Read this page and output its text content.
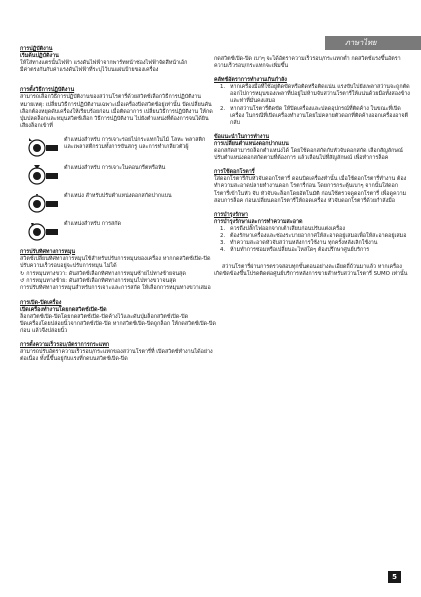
ภาษาไทย
การปฏิบัติงาน
เริ่มต้นปฏิบัติงาน

ให้ใส่ทางแตรนั้นไฟฟ้า แรงดันไฟฟ้าจากพาร์ทหน้าช่องไฟฟ้าจัดสีหน้าเอ้ก
มีค่าตรงกันกับค่าแรงดันไฟฟ้าที่ระบุไว้บนแผ่นป้ายของเครื่อง

การตั้งวิธีการปฏิบัติงาน

สามารถเลือกวิธีการปฏิบัติงานของสว่านโรตารี่ด้วยสวิตช์เลือกวิธีการปฏิบัติงาน หมายเหตุ: เปลี่ยนวิธีการปฏิบัติงานเฉพาะเมื่อเครื่องปิดสวิตช์อยู่เท่านั้น ปัดเปลี่ยนคันเลือกต้องหยุดดับเครื่องให้เรียบร้อยก่อน เมื่อติดอาการ เปลี่ยนวิธีการปฏิบัติงาน ให้กดปุ่มปลดล็อกและหมุนสวิตช์เลือก วิธีการปฏิบัติงาน ไปยังตำแหน่งที่ต้องการจนได้ยินเสียงล็อกเข้าที่

ตำแหน่งสำหรับ การเจาะรอยไปกระแทกในไม้ โลหะ พลาสติก และเพลาสตีกรวมทั้งการขันสกรู และการทำเกลียวตัวผู้
ตำแหน่งสำหรับ การเจาะในคอนกรีตหรือหิน
ตำแหน่ง สำหรับปรับตำแหน่งดอกสกัดปากแบน
ตำแหน่งสำหรับ การสกัด
การปรับทิศทางการหมุน

สวิตช์เปลี่ยนทิศทางการหมุนใช้สำหรับปรับการหมุนของเครื่อง หากกดสวิตช์เปิด-ปิด ปรับความเร็วรอบอยู่จะปรับการหมุน ไม่ได้

↻ การหมุนทางขวา: ดันสวิตช์เลือกทิศทางการหมุนซ้ายไปทางซ้ายจนสุด
↺ การหมุนทางซ้าย: ดันสวิตช์เลือกทิศทางการหมุนไปทางขวาจนสุด

การปรับทิศทางการหมุนสำหรับการเจาะและการสกัด ให้เลือกการหมุนทางขวาเสมอ

การเปิด-ปิดเครื่อง
เปิดเครื่องทำงานโดยกดสวิตช์เปิด-ปิด

ล็อกสวิตช์เปิด-ปิดโดยกดสวิตช์เปิด-ปิดค้างไว้และดันปุ่มล็อกสวิตช์เปิด-ปิด

ปิดเครื่องโดยปล่อยนิ้วจากสวิตช์เปิด-ปิด หากสวิตช์เปิด-ปิดถูกล็อก ให้กดสวิตช์เปิด-ปิดก่อน แล้วจึงปล่อยนิ้ว

การตั้งความเร็วรอบ/อัตราการกระแทก

สามารถปรับอัตราความเร็วรอบ/กระแทกของสว่านโรตารี่ที่ เปิดสวิตช์ทำงานได้อย่างต่อเนื่อง ทั้งนี้ขึ้นอยู่กับแรงที่กดบนสวิตช์เปิด-ปิด

กดสวิตช์เปิด-ปิด เบาๆ จะได้อัตราความเร็วรอบ/กระแทกต่ำ กดสวิตช์แรงขึ้นอัตราความเร็วรอบ/กระแทกจะเพิ่มขึ้น

คลัทช์อัตราการทำงานเกินกำลัง
1. หากเครื่องมือที่ใช้อยู่ติดขัดหรือติดหรือติดแน่น แรงขับไปยังเพลาสว่านจะถูกตัดออกไปการหมุนของเพลาที่ปอยู่ไม่ห้ามจับสว่านโรตารี่ให้แน่นด้วยมือทั้งสองข้างและท่าที่มั่นคงเสมอ
2. หากสว่านโรตารี่ติดขัด ให้ปิดเครื่องและปลดอุปกรณ์ที่ติดค้าง ในขณะที่เปิดเครื่อง ในกรณีที่เปิดเครื่องทำงานโดยไม่คลายตัวดอกที่ติดค้างออกเครื่องอาจตีกลับ
ข้อแนะนำในการทำงาน
การเปลี่ยนตำแหน่งดอกปากแบน

ดอกสกัดสามารถล็อกตำแหน่งได้ โดยใช้ดอกสกัดกับหัวจับดอกสกัด เลือกสัญลักษณ์ ปรับตำแหน่งดอกสกัดตามที่ต้องการ แล้วเลือนไปที่สัญลักษณ์ เพื่อทำการล็อค

การใช้ดอกโรตารี่

ใส่ดอกโรตารี่กับหัวจับดอกโรตารี่ ดอนบิดเครื่องทำนั้น เมื่อใช้ดอกโรตารี่ทำงาน ต้องทำความสะอาดปลายทำงานดอก โรตารี่ก่อน โดยการกระตุ้นเบาๆ จากนั้นใส่ดอกโรตารี่เข้าในหัว จับ หัวจับจะล็อกโดยอัตโนมัติ ก่อนใช้ตรวจดูดอกโรตารี่ เพื่อดูความสอบการล็อค ก่อนเปลี่ยนดอกโรตารี่ให้ถอดเครื่อง หัวจับดอกโรตารี่ด้วยกำลังมือ

การบำรุงรักษา
การบำรุงรักษาและการทำความสะอาด
1. ควรถึงปลั๊กไฟออกจากเต้าเสียบก่อนปรับแต่งเครื่อง
2. ต้องรักษาเครื่องและช่องระบายอากาศให้สะอาดอยู่เสมอเพื่อให้สะอาดอยู่เสมอ
3. ทำความสะอาดหัวจับสว่านหลังการใช้งาน ทุกครั้งหลังเลิกใช้งาน
4. ห้ามทำการซ่อมหรือเปลี่ยนอะไหล่ใดๆ ต้องปรึกษาศูนย์บริการ

สว่านโรตารี่ผ่านการตรวจสอบทุกขั้นตอนอย่างละเอียดถี่ถ้วนมาแล้ว หากเครื่องเกิดขัดข้องขึ้นโปรดติดต่อศูนย์บริการหลังการขายสำหรับสว่านโรตารี่ SUMO เท่านั้น

5
